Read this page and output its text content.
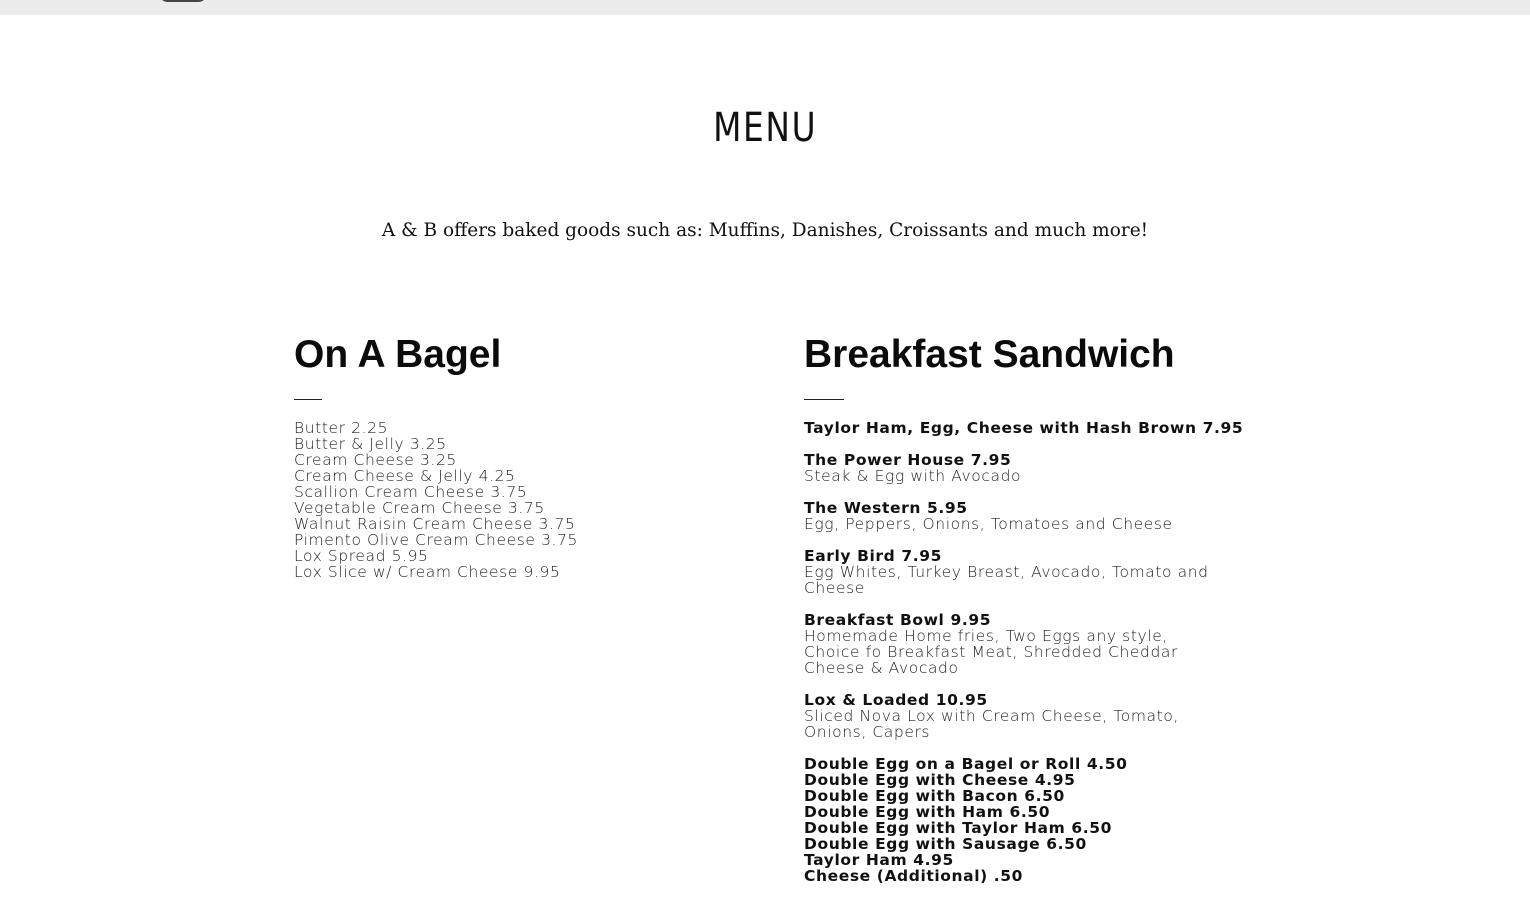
MENU
A & B offers baked goods such as: Muffins, Danishes, Croissants and much more!
On A Bagel
Butter 2.25
Butter & Jelly 3.25
Cream Cheese 3.25
Cream Cheese & Jelly 4.25
Scallion Cream Cheese 3.75
Vegetable Cream Cheese 3.75
Walnut Raisin Cream Cheese 3.75
Pimento Olive Cream Cheese 3.75
Lox Spread 5.95
Lox Slice w/ Cream Cheese 9.95
Breakfast Sandwich
Taylor Ham, Egg, Cheese with Hash Brown 7.95
The Power House 7.95
Steak & Egg with Avocado
The Western 5.95
Egg, Peppers, Onions, Tomatoes and Cheese
Early Bird 7.95
Egg Whites, Turkey Breast, Avocado, Tomato and Cheese
Breakfast Bowl 9.95
Homemade Home fries, Two Eggs any style, Choice fo Breakfast Meat, Shredded Cheddar Cheese & Avocado
Lox & Loaded 10.95
Sliced Nova Lox with Cream Cheese, Tomato, Onions, Capers
Double Egg on a Bagel or Roll 4.50
Double Egg with Cheese 4.95
Double Egg with Bacon 6.50
Double Egg with Ham 6.50
Double Egg with Taylor Ham 6.50
Double Egg with Sausage 6.50
Taylor Ham 4.95
Cheese (Additional) .50
